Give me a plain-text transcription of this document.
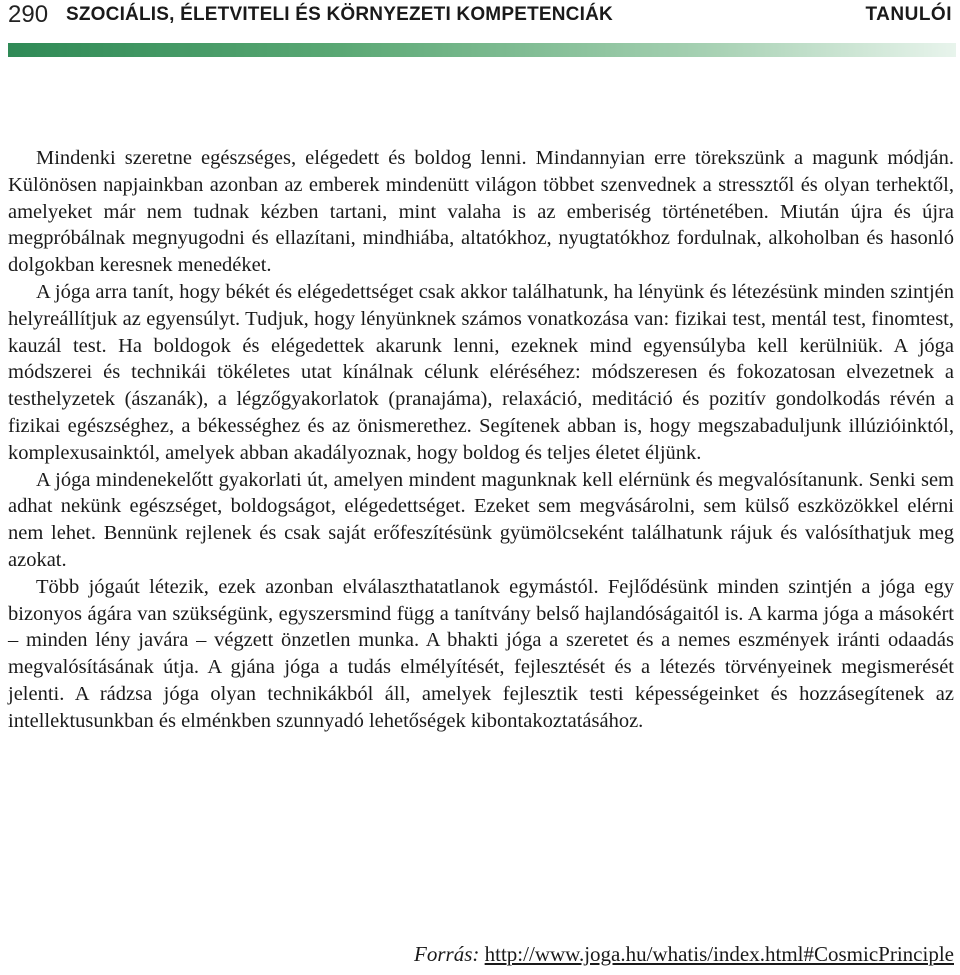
290 SZOCIÁLIS, ÉLETVITELI ÉS KÖRNYEZETI KOMPETENCIÁK	TANULÓI

Mindenki szeretne egészséges, elégedett és boldog lenni. Mindannyian erre törekszünk a magunk módján. Különösen napjainkban azonban az emberek mindenütt világon többet szenvednek a stressztől és olyan terhektől, amelyeket már nem tudnak kézben tartani, mint valaha is az emberiség történetében. Miután újra és újra megpróbálnak megnyugodni és ellazítani, mindhiába, altatókhoz, nyugtatókhoz fordulnak, alkoholban és hasonló dolgokban keresnek menedéket.

A jóga arra tanít, hogy békét és elégedettséget csak akkor találhatunk, ha lényünk és létezésünk minden szintjén helyreállítjuk az egyensúlyt. Tudjuk, hogy lényünknek számos vonatkozása van: fizikai test, mentál test, finomtest, kauzál test. Ha boldogok és elégedettek akarunk lenni, ezeknek mind egyensúlyba kell kerülniük. A jóga módszerei és technikái tökéletes utat kínálnak célunk eléréséhez: módszeresen és fokozatosan elvezetnek a testhelyzetek (ászanák), a légzőgyakorlatok (pranajáma), relaxáció, meditáció és pozitív gondolkodás révén a fizikai egészséghez, a békességhez és az önismerethez. Segítenek abban is, hogy megszabaduljunk illúzióinktól, komplexusainktól, amelyek abban akadályoznak, hogy boldog és teljes életet éljünk.

A jóga mindenekelőtt gyakorlati út, amelyen mindent magunknak kell elérnünk és megvalósítanunk. Senki sem adhat nekünk egészséget, boldogságot, elégedettséget. Ezeket sem megvásárolni, sem külső eszközökkel elérni nem lehet. Bennünk rejlenek és csak saját erőfeszítésünk gyümölcseként találhatunk rájuk és valósíthatjuk meg azokat.

Több jógaút létezik, ezek azonban elválaszthatatlanok egymástól. Fejlődésünk minden szintjén a jóga egy bizonyos ágára van szükségünk, egyszersmind függ a tanítvány belső hajlandóságaitól is. A karma jóga a másokért – minden lény javára – végzett önzetlen munka. A bhakti jóga a szeretet és a nemes eszmények iránti odaadás megvalósításának útja. A gjána jóga a tudás elmélyítését, fejlesztését és a létezés törvényeinek megismerését jelenti. A rádzsa jóga olyan technikákból áll, amelyek fejlesztik testi képességeinket és hozzásegítenek az intellektusunkban és elménkben szunnyadó lehetőségek kibontakoztatásához.

Forrás: http://www.joga.hu/whatis/index.html#CosmicPrinciple
